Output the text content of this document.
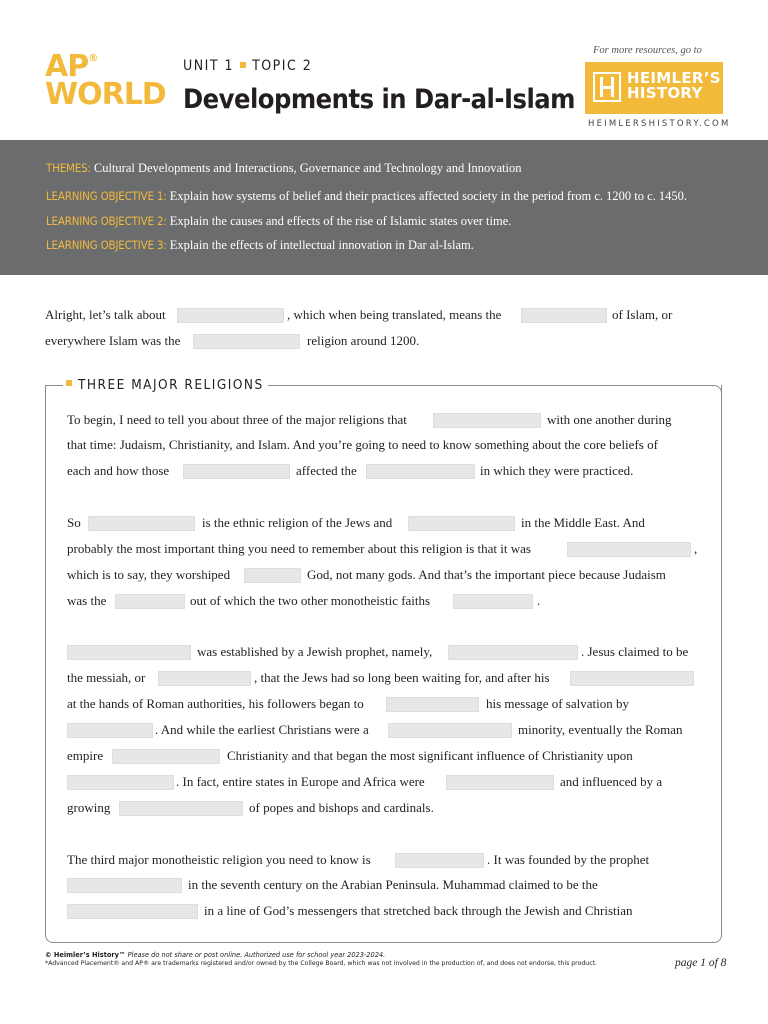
AP®
WORLD
UNIT 1 TOPIC 2
Developments in Dar-al-Islam
For more resources, go to
HEIMLER’S
HISTORY
HEIMLERSHISTORY.COM
THEMES: Cultural Developments and Interactions, Governance and Technology and Innovation
LEARNING OBJECTIVE 1: Explain how systems of belief and their practices affected society in the period from c. 1200 to c. 1450.
LEARNING OBJECTIVE 2: Explain the causes and effects of the rise of Islamic states over time.
LEARNING OBJECTIVE 3: Explain the effects of intellectual innovation in Dar al-Islam.
Alright, let’s talk about	, which when being translated, means the	of Islam, or
everywhere Islam was the	religion around 1200.
THREE MAJOR RELIGIONS
To begin, I need to tell you about three of the major religions that	with one another during
that time: Judaism, Christianity, and Islam. And you’re going to need to know something about the core beliefs of
each and how those	affected the	in which they were practiced.
So	is the ethnic religion of the Jews and	in the Middle East. And
probably the most important thing you need to remember about this religion is that it was	,
which is to say, they worshiped	God, not many gods. And that’s the important piece because Judaism
was the	out of which the two other monotheistic faiths	.
was established by a Jewish prophet, namely,	. Jesus claimed to be
the messiah, or	, that the Jews had so long been waiting for, and after his
at the hands of Roman authorities, his followers began to	his message of salvation by
. And while the earliest Christians were a	minority, eventually the Roman
empire	Christianity and that began the most significant influence of Christianity upon
. In fact, entire states in Europe and Africa were	and influenced by a
growing	of popes and bishops and cardinals.
The third major monotheistic religion you need to know is	. It was founded by the prophet
in the seventh century on the Arabian Peninsula. Muhammad claimed to be the
in a line of God’s messengers that stretched back through the Jewish and Christian
© Heimler’s History™ Please do not share or post online. Authorized use for school year 2023-2024.
*Advanced Placement® and AP® are trademarks registered and/or owned by the College Board, which was not involved in the production of, and does not endorse, this product.	page 1 of 8
